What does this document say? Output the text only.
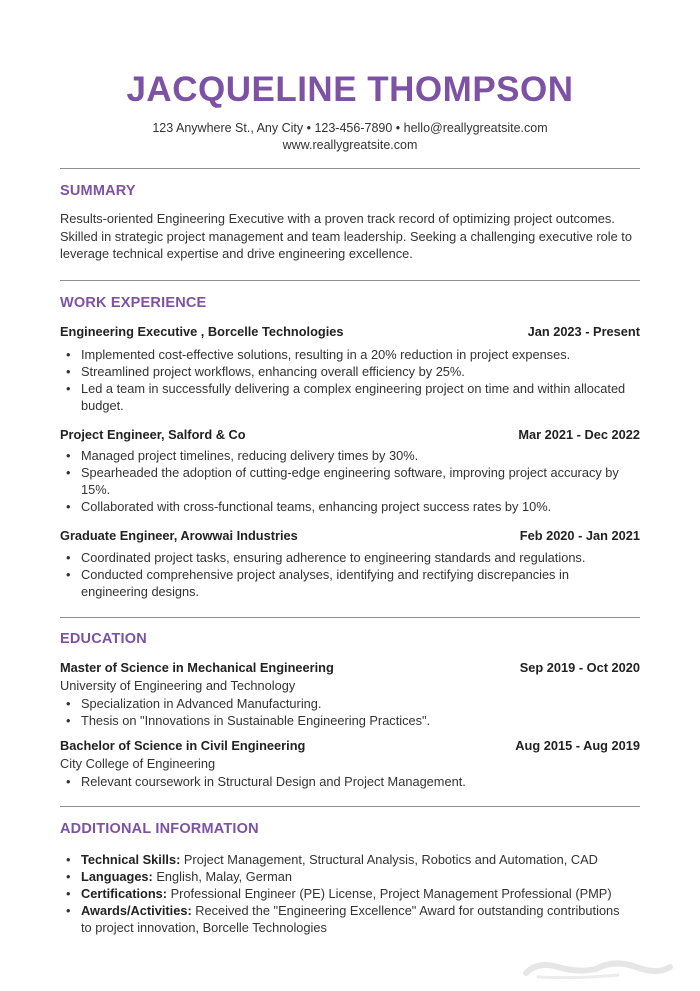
JACQUELINE THOMPSON
123 Anywhere St., Any City • 123-456-7890 • hello@reallygreatsite.com
www.reallygreatsite.com
SUMMARY
Results-oriented Engineering Executive with a proven track record of optimizing project outcomes. Skilled in strategic project management and team leadership. Seeking a challenging executive role to leverage technical expertise and drive engineering excellence.
WORK EXPERIENCE
Engineering Executive , Borcelle Technologies	Jan 2023 - Present
• Implemented cost-effective solutions, resulting in a 20% reduction in project expenses.
• Streamlined project workflows, enhancing overall efficiency by 25%.
• Led a team in successfully delivering a complex engineering project on time and within allocated budget.
Project Engineer, Salford & Co	Mar 2021 - Dec 2022
• Managed project timelines, reducing delivery times by 30%.
• Spearheaded the adoption of cutting-edge engineering software, improving project accuracy by 15%.
• Collaborated with cross-functional teams, enhancing project success rates by 10%.
Graduate Engineer, Arowwai Industries	Feb 2020 - Jan 2021
• Coordinated project tasks, ensuring adherence to engineering standards and regulations.
• Conducted comprehensive project analyses, identifying and rectifying discrepancies in engineering designs.
EDUCATION
Master of Science in Mechanical Engineering	Sep 2019 - Oct 2020
University of Engineering and Technology
• Specialization in Advanced Manufacturing.
• Thesis on "Innovations in Sustainable Engineering Practices".
Bachelor of Science in Civil Engineering	Aug 2015 - Aug 2019
City College of Engineering
• Relevant coursework in Structural Design and Project Management.
ADDITIONAL INFORMATION
• Technical Skills: Project Management, Structural Analysis, Robotics and Automation, CAD
• Languages: English, Malay, German
• Certifications: Professional Engineer (PE) License, Project Management Professional (PMP)
• Awards/Activities: Received the "Engineering Excellence" Award for outstanding contributions to project innovation, Borcelle Technologies
